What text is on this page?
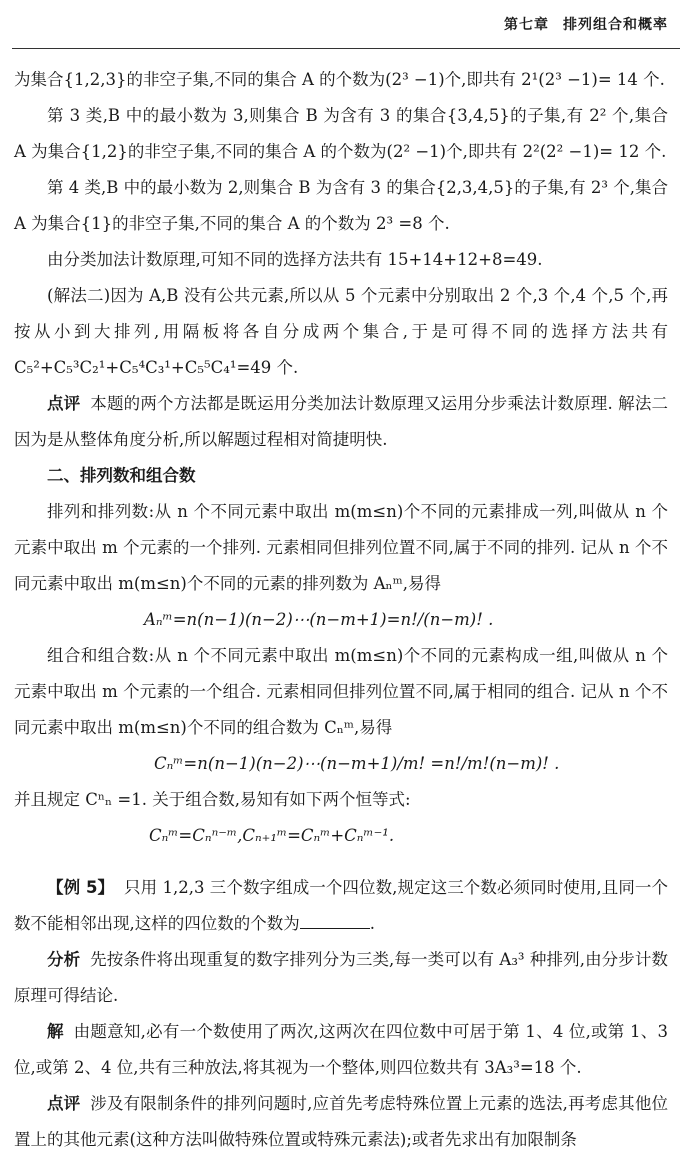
第七章 排列组合和概率

为集合{1,2,3}的非空子集,不同的集合 A 的个数为(2³ −1)个,即共有 2¹(2³ −1)= 14 个.

第 3 类,B 中的最小数为 3,则集合 B 为含有 3 的集合{3,4,5}的子集,有 2² 个,集合 A 为集合{1,2}的非空子集,不同的集合 A 的个数为(2² −1)个,即共有 2²(2² −1)= 12 个.

第 4 类,B 中的最小数为 2,则集合 B 为含有 3 的集合{2,3,4,5}的子集,有 2³ 个,集合 A 为集合{1}的非空子集,不同的集合 A 的个数为 2³ =8 个.

由分类加法计数原理,可知不同的选择方法共有 15+14+12+8=49.

(解法二)因为 A,B 没有公共元素,所以从 5 个元素中分别取出 2 个,3 个,4 个,5 个,再按从小到大排列,用隔板将各自分成两个集合,于是可得不同的选择方法共有 C₅²+C₅³C₂¹+C₅⁴C₃¹+C₅⁵C₄¹=49 个.

点评 本题的两个方法都是既运用分类加法计数原理又运用分步乘法计数原理. 解法二因为是从整体角度分析,所以解题过程相对简捷明快.

二、排列数和组合数

排列和排列数:从 n 个不同元素中取出 m(m≤n)个不同的元素排成一列,叫做从 n 个元素中取出 m 个元素的一个排列. 元素相同但排列位置不同,属于不同的排列. 记从 n 个不同元素中取出 m(m≤n)个不同的元素的排列数为 Aₙᵐ,易得

Aₙᵐ=n(n−1)(n−2)⋯(n−m+1)=n!/(n−m)! .

组合和组合数:从 n 个不同元素中取出 m(m≤n)个不同的元素构成一组,叫做从 n 个元素中取出 m 个元素的一个组合. 元素相同但排列位置不同,属于相同的组合. 记从 n 个不同元素中取出 m(m≤n)个不同的组合数为 Cₙᵐ,易得

Cₙᵐ=n(n−1)(n−2)⋯(n−m+1)/m! =n!/m!(n−m)! .

并且规定 Cⁿₙ =1. 关于组合数,易知有如下两个恒等式:

Cₙᵐ=Cₙⁿ⁻ᵐ,Cₙ₊₁ᵐ=Cₙᵐ+Cₙᵐ⁻¹.

【例 5】 只用 1,2,3 三个数字组成一个四位数,规定这三个数必须同时使用,且同一个数不能相邻出现,这样的四位数的个数为	.

分析 先按条件将出现重复的数字排列分为三类,每一类可以有 A₃³ 种排列,由分步计数原理可得结论.

解 由题意知,必有一个数使用了两次,这两次在四位数中可居于第 1、4 位,或第 1、3 位,或第 2、4 位,共有三种放法,将其视为一个整体,则四位数共有 3A₃³=18 个.

点评 涉及有限制条件的排列问题时,应首先考虑特殊位置上元素的选法,再考虑其他位置上的其他元素(这种方法叫做特殊位置或特殊元素法);或者先求出有加限制条
